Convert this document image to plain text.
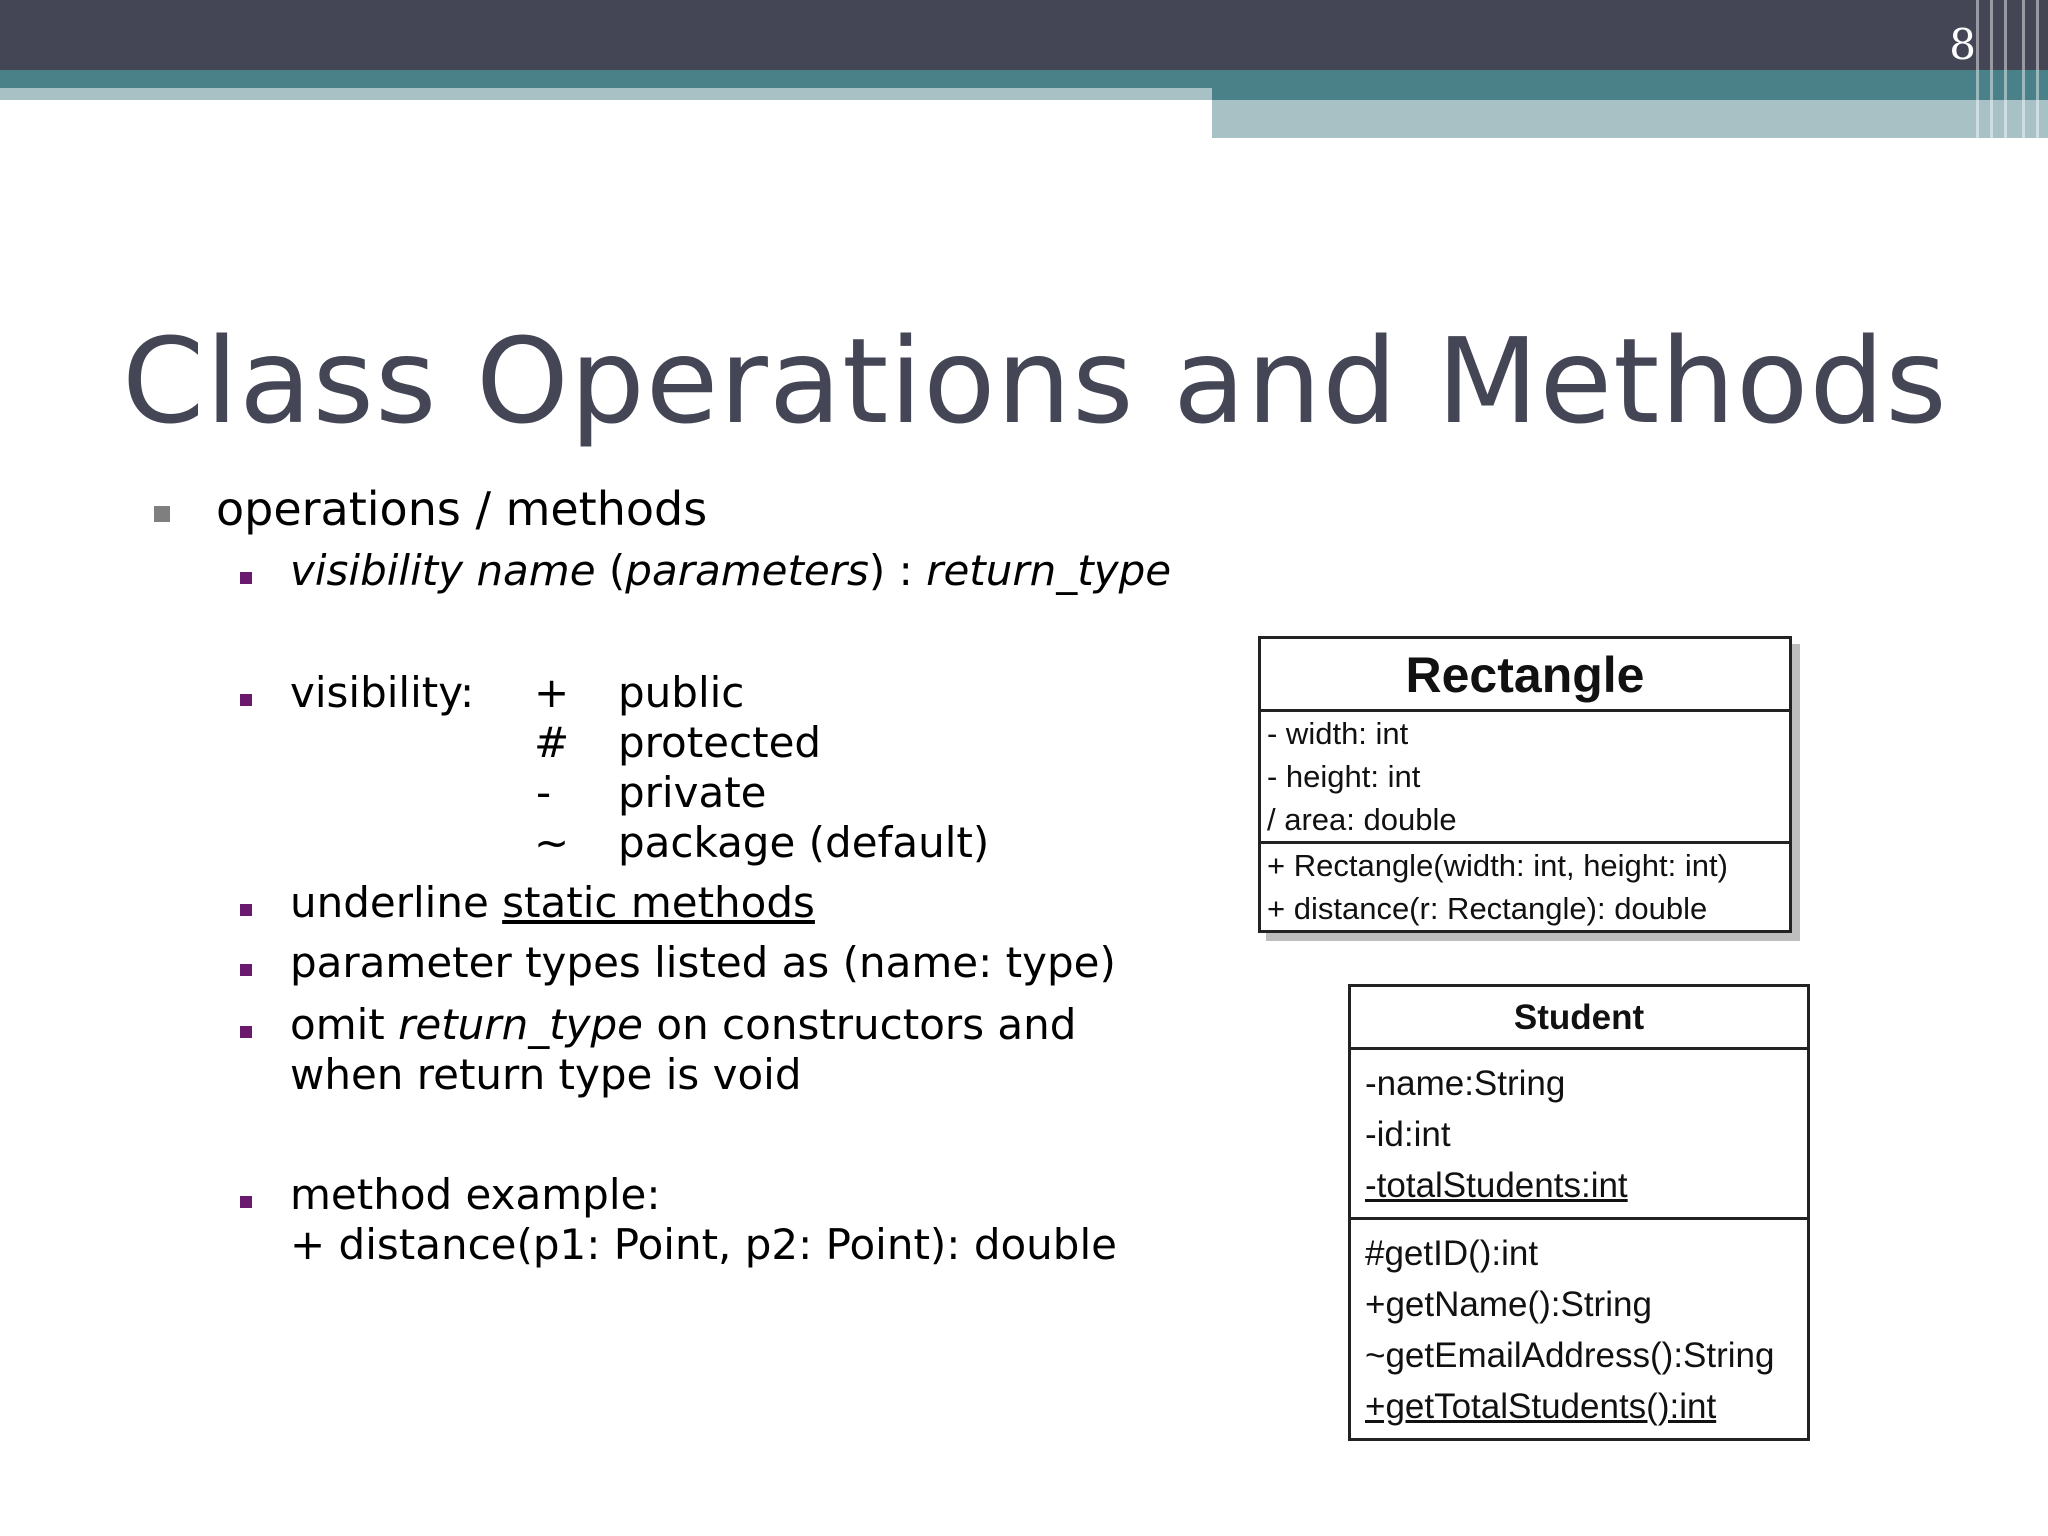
8
Class Operations and Methods
operations / methods
visibility name (parameters) : return_type
visibility: + public
# protected
- private
~ package (default)
underline static methods
parameter types listed as (name: type)
omit return_type on constructors and
when return type is void
method example:
+ distance(p1: Point, p2: Point): double
Rectangle
- width: int
- height: int
/ area: double
+ Rectangle(width: int, height: int)
+ distance(r: Rectangle): double
Student
-name:String
-id:int
-totalStudents:int
#getID():int
+getName():String
~getEmailAddress():String
+getTotalStudents():int
